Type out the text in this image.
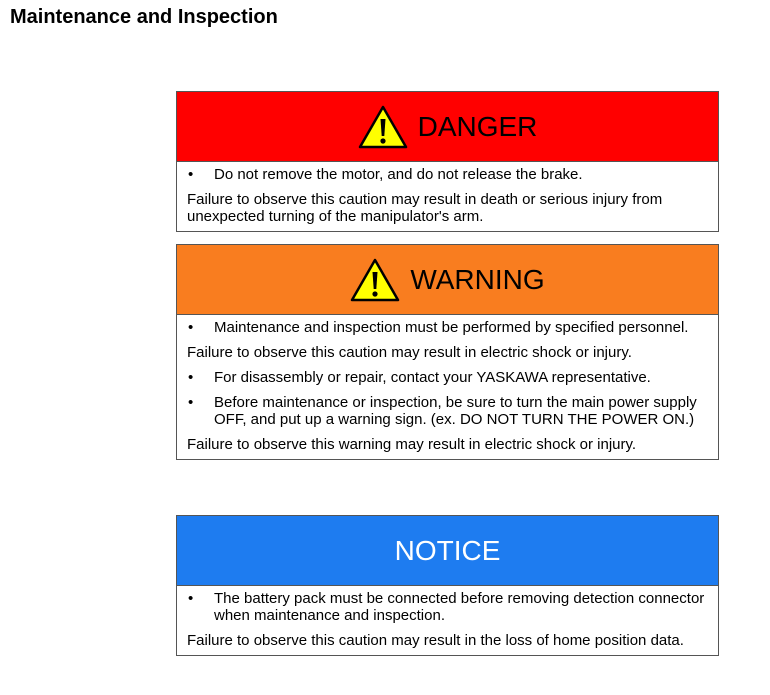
Maintenance and Inspection
DANGER
•	Do not remove the motor, and do not release the brake.

Failure to observe this caution may result in death or serious injury from unexpected turning of the manipulator's arm.

WARNING
•	Maintenance and inspection must be performed by specified personnel.

Failure to observe this caution may result in electric shock or injury.

•	For disassembly or repair, contact your YASKAWA representative.
•	Before maintenance or inspection, be sure to turn the main power supply OFF, and put up a warning sign. (ex. DO NOT TURN THE POWER ON.)

Failure to observe this warning may result in electric shock or injury.

NOTICE
•	The battery pack must be connected before removing detection connector when maintenance and inspection.

Failure to observe this caution may result in the loss of home position data.
